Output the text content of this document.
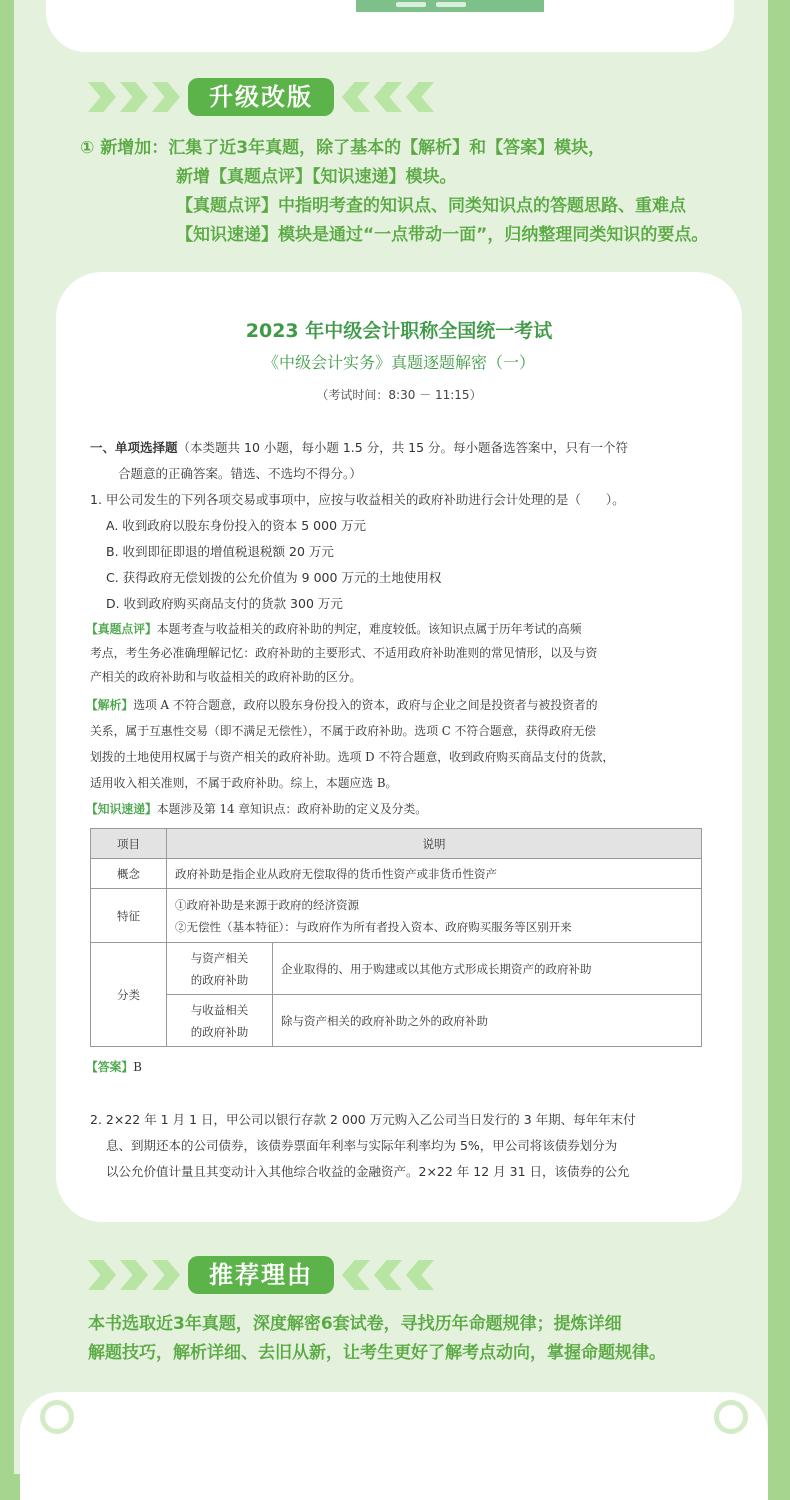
升级改版
① 新增加：汇集了近3年真题，除了基本的【解析】和【答案】模块，
新增【真题点评】【知识速递】模块。
【真题点评】中指明考查的知识点、同类知识点的答题思路、重难点
【知识速递】模块是通过“一点带动一面”，归纳整理同类知识的要点。
2023 年中级会计职称全国统一考试
《中级会计实务》真题逐题解密（一）
（考试时间：8:30 － 11:15）
一、单项选择题（本类题共 10 小题，每小题 1.5 分，共 15 分。每小题备选答案中，只有一个符
合题意的正确答案。错选、不选均不得分。）
1. 甲公司发生的下列各项交易或事项中，应按与收益相关的政府补助进行会计处理的是（　　）。
A. 收到政府以股东身份投入的资本 5 000 万元
B. 收到即征即退的增值税退税额 20 万元
C. 获得政府无偿划拨的公允价值为 9 000 万元的土地使用权
D. 收到政府购买商品支付的货款 300 万元
【真题点评】本题考查与收益相关的政府补助的判定，难度较低。该知识点属于历年考试的高频
考点，考生务必准确理解记忆：政府补助的主要形式、不适用政府补助准则的常见情形，以及与资
产相关的政府补助和与收益相关的政府补助的区分。
【解析】选项 A 不符合题意，政府以股东身份投入的资本，政府与企业之间是投资者与被投资者的
关系，属于互惠性交易（即不满足无偿性），不属于政府补助。选项 C 不符合题意，获得政府无偿
划拨的土地使用权属于与资产相关的政府补助。选项 D 不符合题意，收到政府购买商品支付的货款，
适用收入相关准则，不属于政府补助。综上，本题应选 B。
【知识速递】本题涉及第 14 章知识点：政府补助的定义及分类。
项目	说明	
概念	政府补助是指企业从政府无偿取得的货币性资产或非货币性资产	
特征	①政府补助是来源于政府的经济资源
②无偿性（基本特征）：与政府作为所有者投入资本、政府购买服务等区别开来	

分类	与资产相关
的政府补助	企业取得的、用于购建或以其他方式形成长期资产的政府补助

	与收益相关
的政府补助	除与资产相关的政府补助之外的政府补助
【答案】B
2. 2×22 年 1 月 1 日，甲公司以银行存款 2 000 万元购入乙公司当日发行的 3 年期、每年年末付
息、到期还本的公司债券，该债券票面年利率与实际年利率均为 5%，甲公司将该债券划分为
以公允价值计量且其变动计入其他综合收益的金融资产。2×22 年 12 月 31 日，该债券的公允
推荐理由
本书选取近3年真题，深度解密6套试卷，寻找历年命题规律；提炼详细
解题技巧，解析详细、去旧从新，让考生更好了解考点动向，掌握命题规律。
